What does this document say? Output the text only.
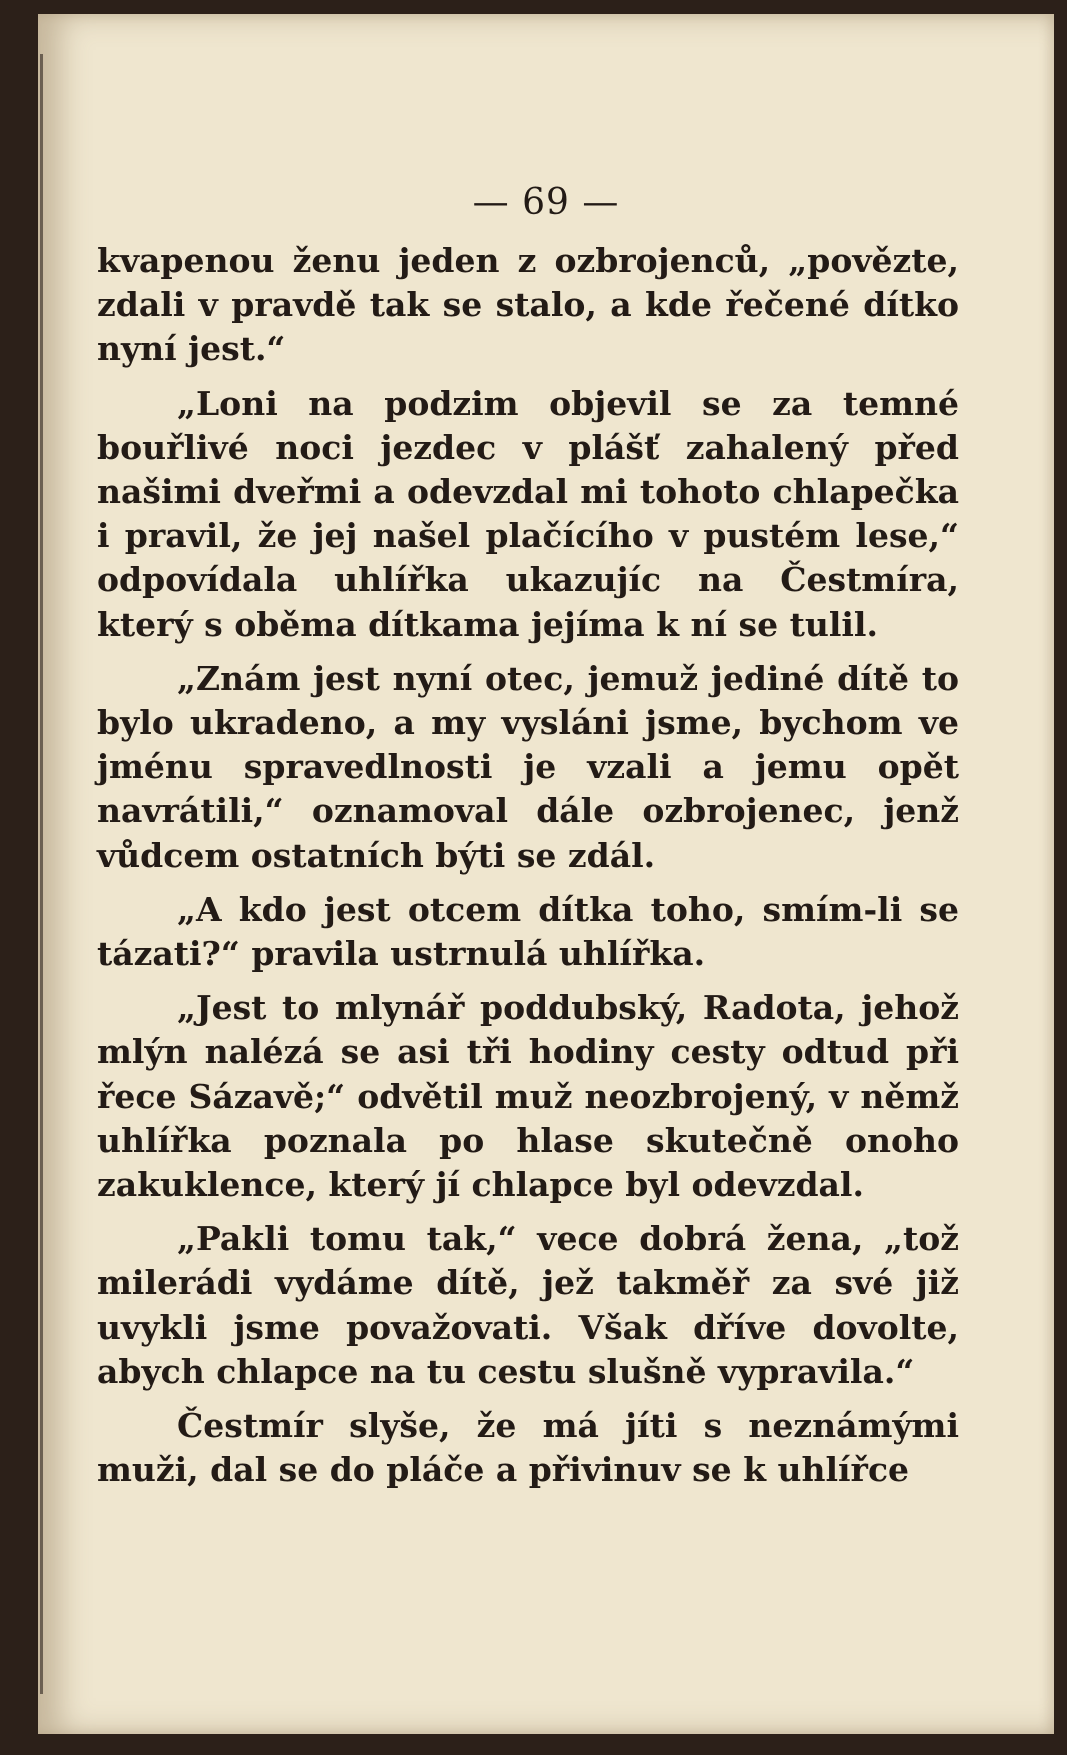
— 69 —

kvapenou ženu jeden z ozbrojenců, „povězte, zdali v pravdě tak se stalo, a kde řečené dítko nyní jest.“

„Loni na podzim objevil se za temné bouřlivé noci jezdec v plášť zahalený před našimi dveřmi a odevzdal mi tohoto chlapečka i pravil, že jej našel plačícího v pustém lese,“ odpovídala uhlířka ukazujíc na Čestmíra, který s oběma dítkama jejíma k ní se tulil.

„Znám jest nyní otec, jemuž jediné dítě to bylo ukradeno, a my vysláni jsme, bychom ve jménu spravedlnosti je vzali a jemu opět navrátili,“ oznamoval dále ozbrojenec, jenž vůdcem ostatních býti se zdál.

„A kdo jest otcem dítka toho, smím-li se tázati?“ pravila ustrnulá uhlířka.

„Jest to mlynář poddubský, Radota, jehož mlýn nalézá se asi tři hodiny cesty odtud při řece Sázavě;“ odvětil muž neozbrojený, v němž uhlířka poznala po hlase skutečně onoho zakuklence, který jí chlapce byl odevzdal.

„Pakli tomu tak,“ vece dobrá žena, „tož milerádi vydáme dítě, jež takměř za své již uvykli jsme považovati. Však dříve dovolte, abych chlapce na tu cestu slušně vypravila.“

Čestmír slyše, že má jíti s neznámými muži, dal se do pláče a přivinuv se k uhlířce
